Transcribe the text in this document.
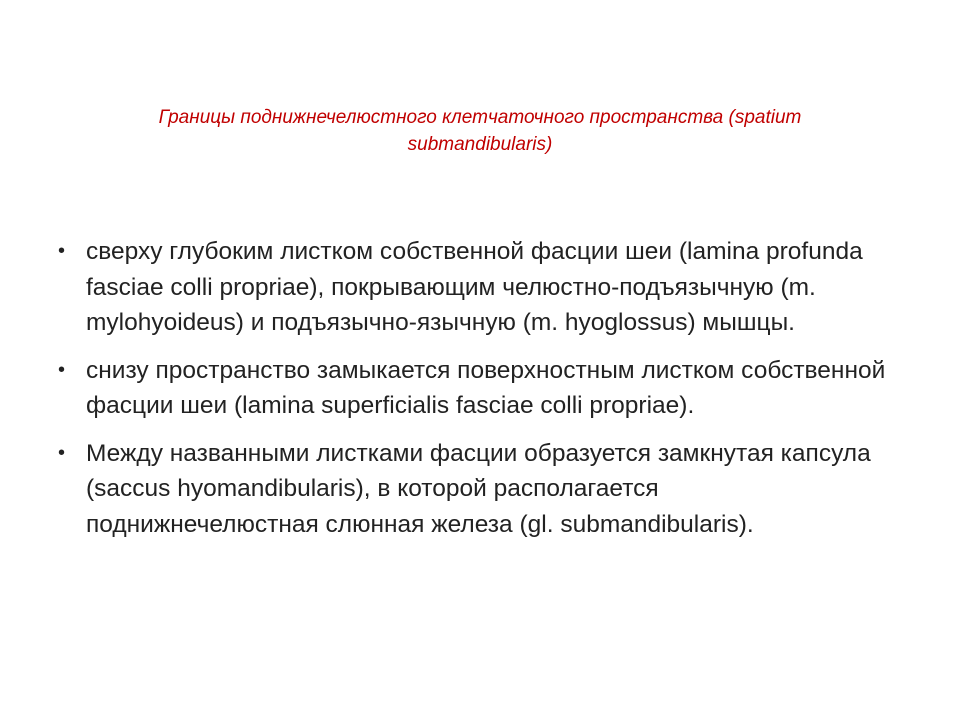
Границы поднижнечелюстного клетчаточного пространства (spatium submandibularis)
• сверху глубоким листком собственной фасции шеи (lamina profunda fasciae colli propriae), покрывающим челюстно-подъязычную (m. mylohyoideus) и подъязычно-язычную (m. hyoglossus) мышцы.
• снизу пространство замыкается поверхностным листком собственной фасции шеи (lamina superficialis fasciae colli propriae).
• Между названными листками фасции образуется замкнутая капсула (saccus hyomandibularis), в которой располагается поднижнечелюстная слюнная железа (gl. submandibularis).
